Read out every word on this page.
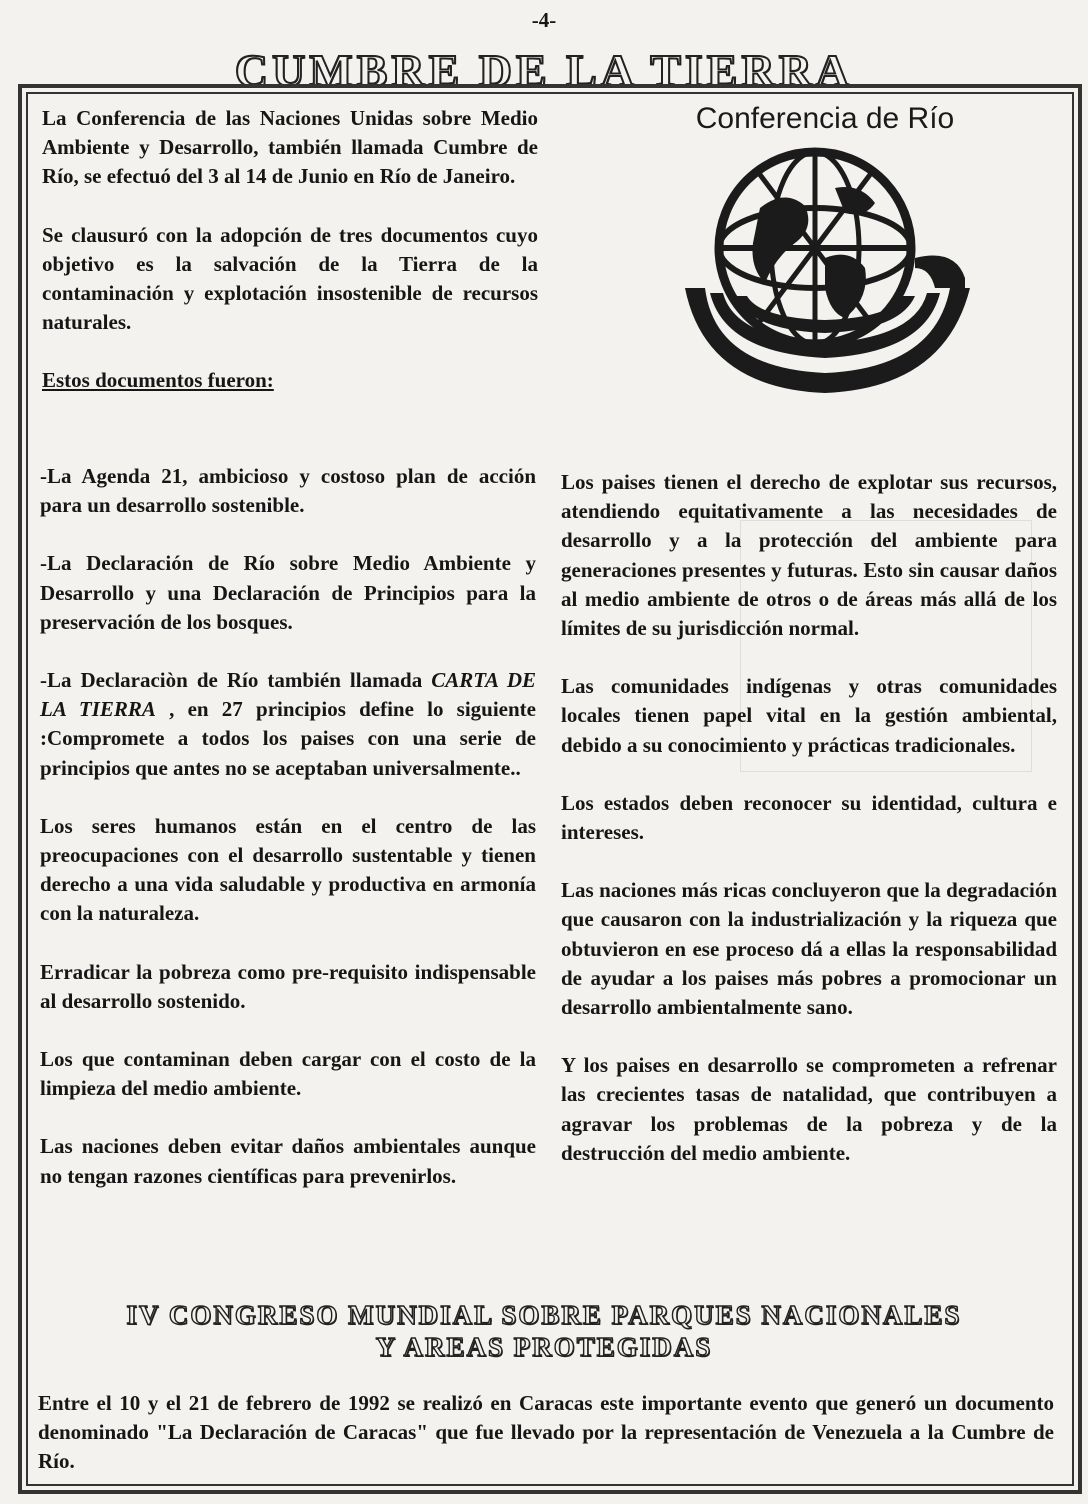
-4-
CUMBRE DE LA TIERRA

La Conferencia de las Naciones Unidas sobre Medio Ambiente y Desarrollo, también llamada Cumbre de Río, se efectuó del 3 al 14 de Junio en Río de Janeiro.

Se clausuró con la adopción de tres documentos cuyo objetivo es la salvación de la Tierra de la contaminación y explotación insostenible de recursos naturales.

Estos documentos fueron:

Conferencia de Río

-La Agenda 21, ambicioso y costoso plan de acción para un desarrollo sostenible.

-La Declaración de Río sobre Medio Ambiente y Desarrollo y una Declaración de Principios para la preservación de los bosques.

-La Declaraciòn de Río también llamada CARTA DE LA TIERRA , en 27 principios define lo siguiente :Compromete a todos los paises con una serie de principios que antes no se aceptaban universalmente..

Los seres humanos están en el centro de las preocupaciones con el desarrollo sustentable y tienen derecho a una vida saludable y productiva en armonía con la naturaleza.

Erradicar la pobreza como pre-requisito indispensable al desarrollo sostenido.

Los que contaminan deben cargar con el costo de la limpieza del medio ambiente.

Las naciones deben evitar daños ambientales aunque no tengan razones científicas para prevenirlos.

Los paises tienen el derecho de explotar sus recursos, atendiendo equitativamente a las necesidades de desarrollo y a la protección del ambiente para generaciones presentes y futuras. Esto sin causar daños al medio ambiente de otros o de áreas más allá de los límites de su jurisdicción normal.

Las comunidades indígenas y otras comunidades locales tienen papel vital en la gestión ambiental, debido a su conocimiento y prácticas tradicionales.

Los estados deben reconocer su identidad, cultura e intereses.

Las naciones más ricas concluyeron que la degradación que causaron con la industrialización y la riqueza que obtuvieron en ese proceso dá a ellas la responsabilidad de ayudar a los paises más pobres a promocionar un desarrollo ambientalmente sano.

Y los paises en desarrollo se comprometen a refrenar las crecientes tasas de natalidad, que contribuyen a agravar los problemas de la pobreza y de la destrucción del medio ambiente.

IV CONGRESO MUNDIAL SOBRE PARQUES NACIONALES
Y AREAS PROTEGIDAS

Entre el 10 y el 21 de febrero de 1992 se realizó en Caracas este importante evento que generó un documento denominado "La Declaración de Caracas" que fue llevado por la representación de Venezuela a la Cumbre de Río.
